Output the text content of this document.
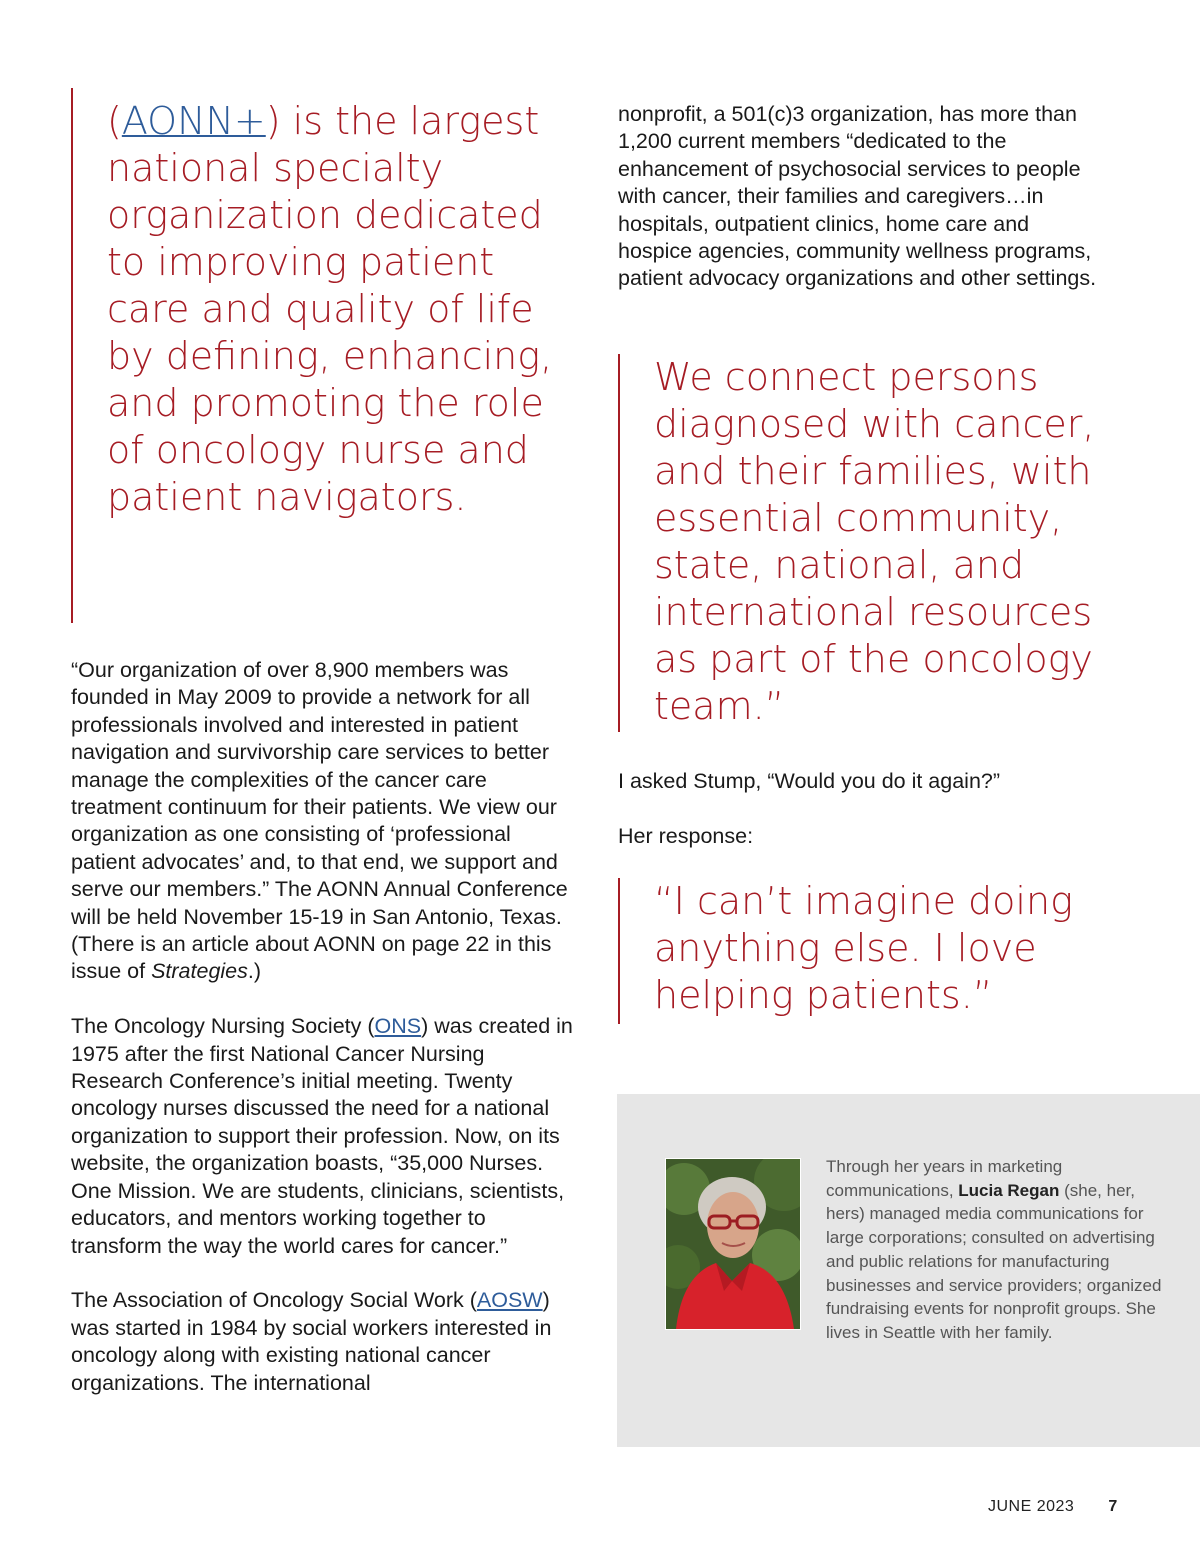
(AONN+) is the largest national specialty organization dedicated to improving patient care and quality of life by defining, enhancing, and promoting the role of oncology nurse and patient navigators.

“Our organization of over 8,900 members was founded in May 2009 to provide a network for all professionals involved and interested in patient navigation and survivorship care services to better manage the complexities of the cancer care treatment continuum for their patients. We view our organization as one consisting of ‘professional patient advocates’ and, to that end, we support and serve our members.” The AONN Annual Conference will be held November 15-19 in San Antonio, Texas. (There is an article about AONN on page 22 in this issue of Strategies.)

The Oncology Nursing Society (ONS) was created in 1975 after the first National Cancer Nursing Research Conference’s initial meeting. Twenty oncology nurses discussed the need for a national organization to support their profession. Now, on its website, the organization boasts, “35,000 Nurses. One Mission. We are students, clinicians, scientists, educators, and mentors working together to transform the way the world cares for cancer.”

The Association of Oncology Social Work (AOSW) was started in 1984 by social workers interested in oncology along with existing national cancer organizations. The international

nonprofit, a 501(c)3 organization, has more than 1,200 current members “dedicated to the enhancement of psychosocial services to people with cancer, their families and caregivers…in hospitals, outpatient clinics, home care and hospice agencies, community wellness programs, patient advocacy organizations and other settings.

We connect persons diagnosed with cancer, and their families, with essential community, state, national, and international resources as part of the oncology team.”

I asked Stump, “Would you do it again?”

Her response:

“I can’t imagine doing anything else. I love helping patients.”

Through her years in marketing communications, Lucia Regan (she, her, hers) managed media communications for large corporations; consulted on advertising and public relations for manufacturing businesses and service providers; organized fundraising events for nonprofit groups. She lives in Seattle with her family.
JUNE 2023 7
